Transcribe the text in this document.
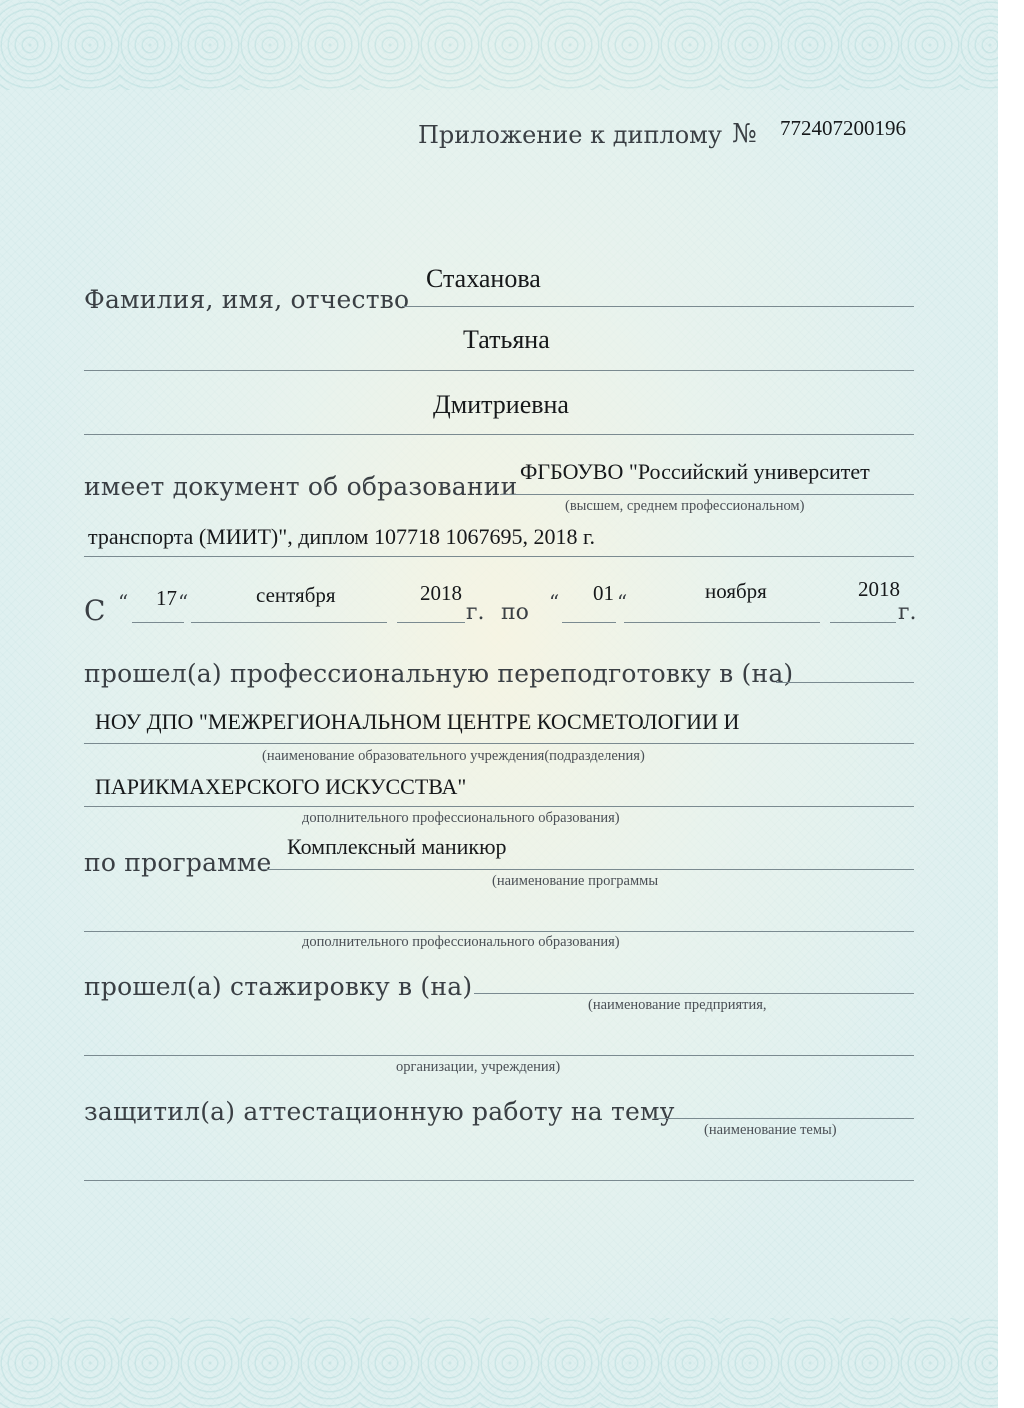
Приложение к диплому № 772407200196
Фамилия, имя, отчество
Стаханова
Татьяна
Дмитриевна
имеет документ об образовании
ФГБОУВО "Российский университет
(высшем, среднем профессиональном)
транспорта (МИИТ)", диплом 107718 1067695, 2018 г.
С “ 17 “	сентября	2018
г. по “ 01 “	ноября	2018
г.
прошел(а) профессиональную переподготовку в (на)
НОУ ДПО "МЕЖРЕГИОНАЛЬНОМ ЦЕНТРЕ КОСМЕТОЛОГИИ И
(наименование образовательного учреждения(подразделения)
ПАРИКМАХЕРСКОГО ИСКУССТВА"
дополнительного профессионального образования)
по программе
Комплексный маникюр
(наименование программы
дополнительного профессионального образования)
прошел(а) стажировку в (на)
(наименование предприятия,
организации, учреждения)
защитил(а) аттестационную работу на тему
(наименование темы)
